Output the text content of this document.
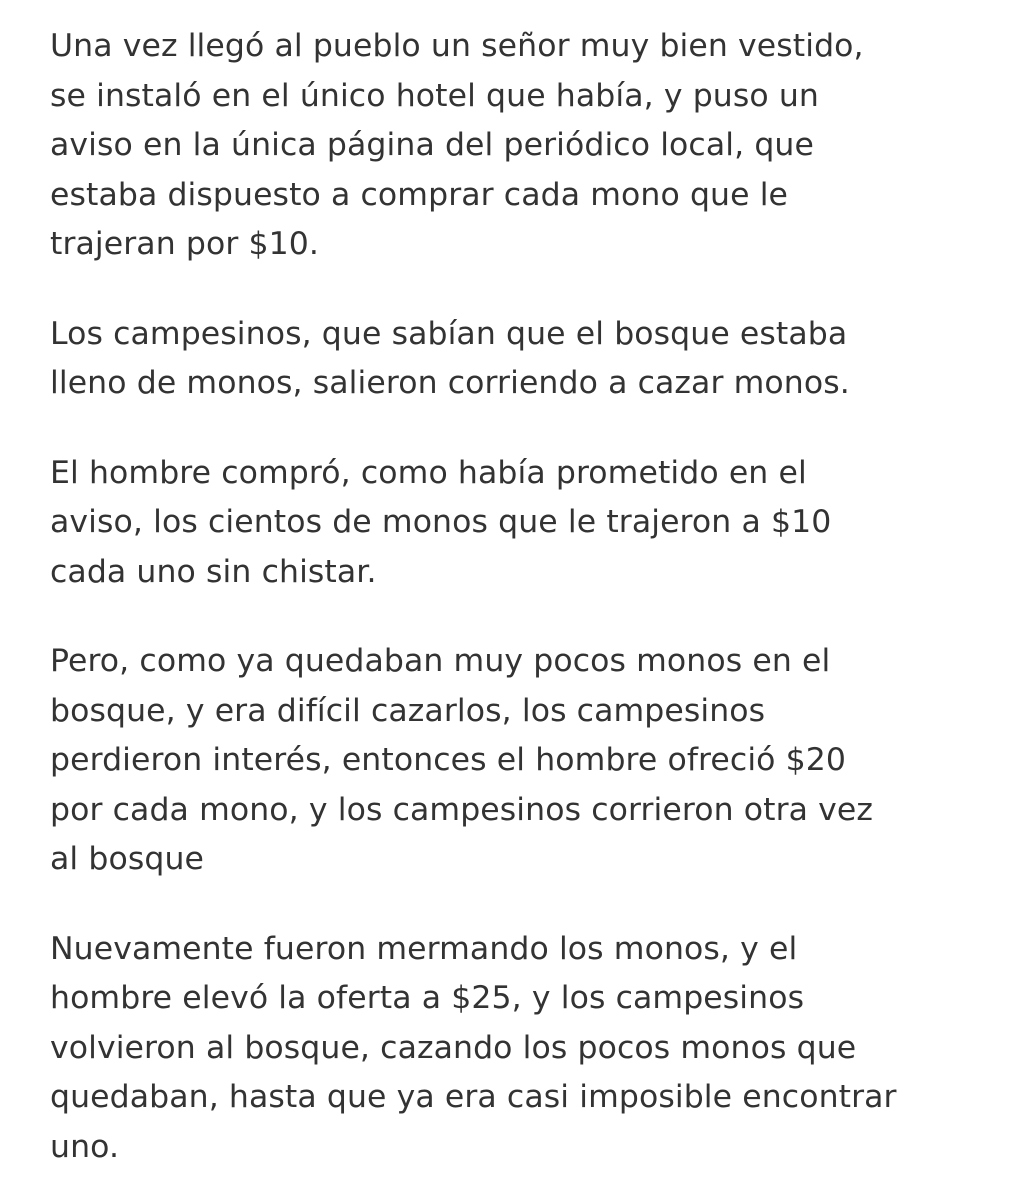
Una vez llegó al pueblo un señor muy bien vestido,
se instaló en el único hotel que había, y puso un
aviso en la única página del periódico local, que
estaba dispuesto a comprar cada mono que le
trajeran por $10.

Los campesinos, que sabían que el bosque estaba
lleno de monos, salieron corriendo a cazar monos.

El hombre compró, como había prometido en el
aviso, los cientos de monos que le trajeron a $10
cada uno sin chistar.

Pero, como ya quedaban muy pocos monos en el
bosque, y era difícil cazarlos, los campesinos
perdieron interés, entonces el hombre ofreció $20
por cada mono, y los campesinos corrieron otra vez
al bosque

Nuevamente fueron mermando los monos, y el
hombre elevó la oferta a $25, y los campesinos
volvieron al bosque, cazando los pocos monos que
quedaban, hasta que ya era casi imposible encontrar
uno.
